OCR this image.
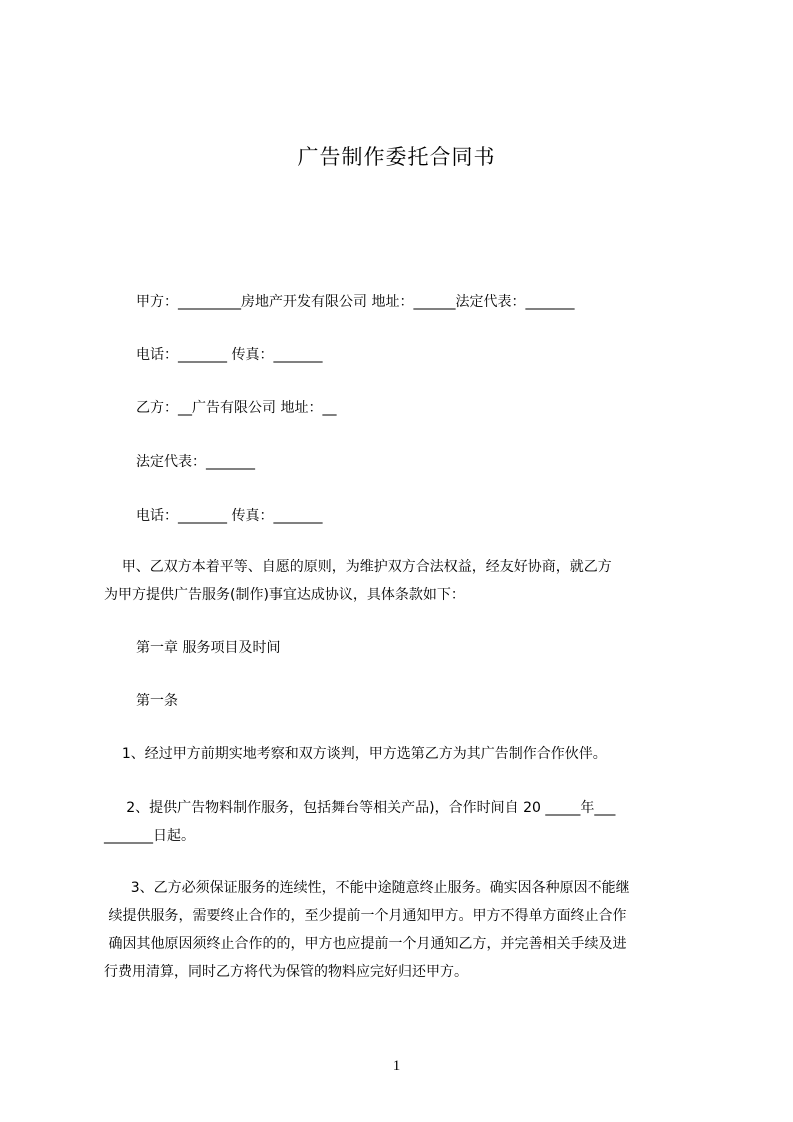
广告制作委托合同书
甲方：_________房地产开发有限公司 地址：______法定代表：_______
电话：_______ 传真：_______
乙方：__广告有限公司 地址：__
法定代表：_______
电话：_______ 传真：_______
甲、乙双方本着平等、自愿的原则，为维护双方合法权益，经友好协商，就乙方
为甲方提供广告服务(制作)事宜达成协议，具体条款如下：
第一章 服务项目及时间
第一条
1、经过甲方前期实地考察和双方谈判，甲方选第乙方为其广告制作合作伙伴。
2、提供广告物料制作服务，包括舞台等相关产品)，合作时间自 20 _____年___
_______日起。
3、乙方必须保证服务的连续性，不能中途随意终止服务。确实因各种原因不能继
续提供服务，需要终止合作的，至少提前一个月通知甲方。甲方不得单方面终止合作
确因其他原因须终止合作的的，甲方也应提前一个月通知乙方，并完善相关手续及进
行费用清算，同时乙方将代为保管的物料应完好归还甲方。
1
